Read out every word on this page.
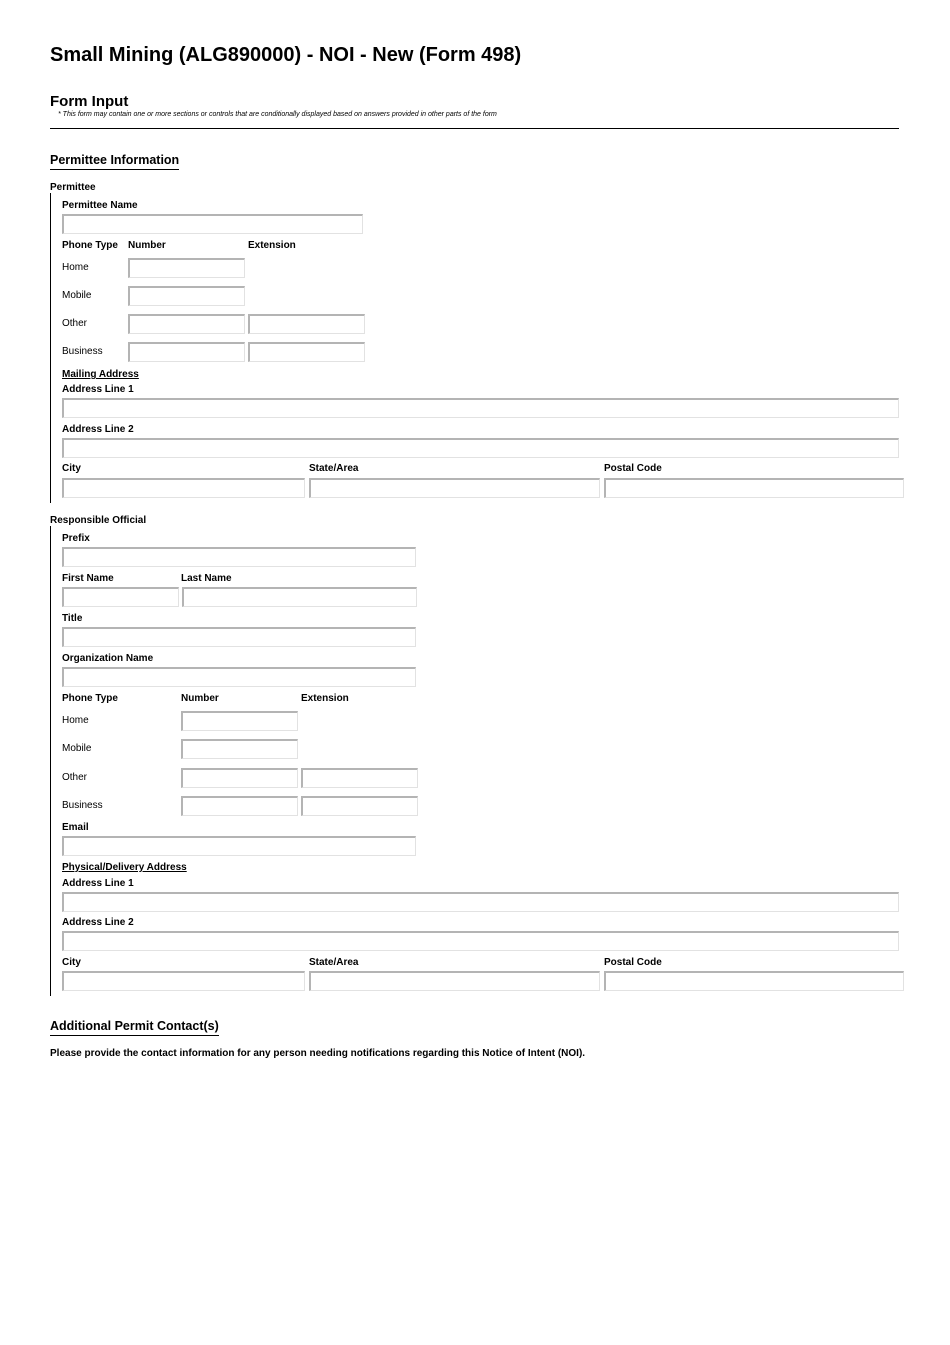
Small Mining (ALG890000) - NOI - New (Form 498)
Form Input
* This form may contain one or more sections or controls that are conditionally displayed based on answers provided in other parts of the form
Permittee Information
Permittee
Permittee Name
Phone Type Number	Extension
Home
Mobile
Other
Business
Mailing Address
Address Line 1
Address Line 2
City	State/Area	Postal Code
Responsible Official
Prefix
First Name	Last Name
Title
Organization Name
Phone Type	Number	Extension
Home
Mobile
Other
Business
Email
Physical/Delivery Address
Address Line 1
Address Line 2
City	State/Area	Postal Code
Additional Permit Contact(s)
Please provide the contact information for any person needing notifications regarding this Notice of Intent (NOI).
